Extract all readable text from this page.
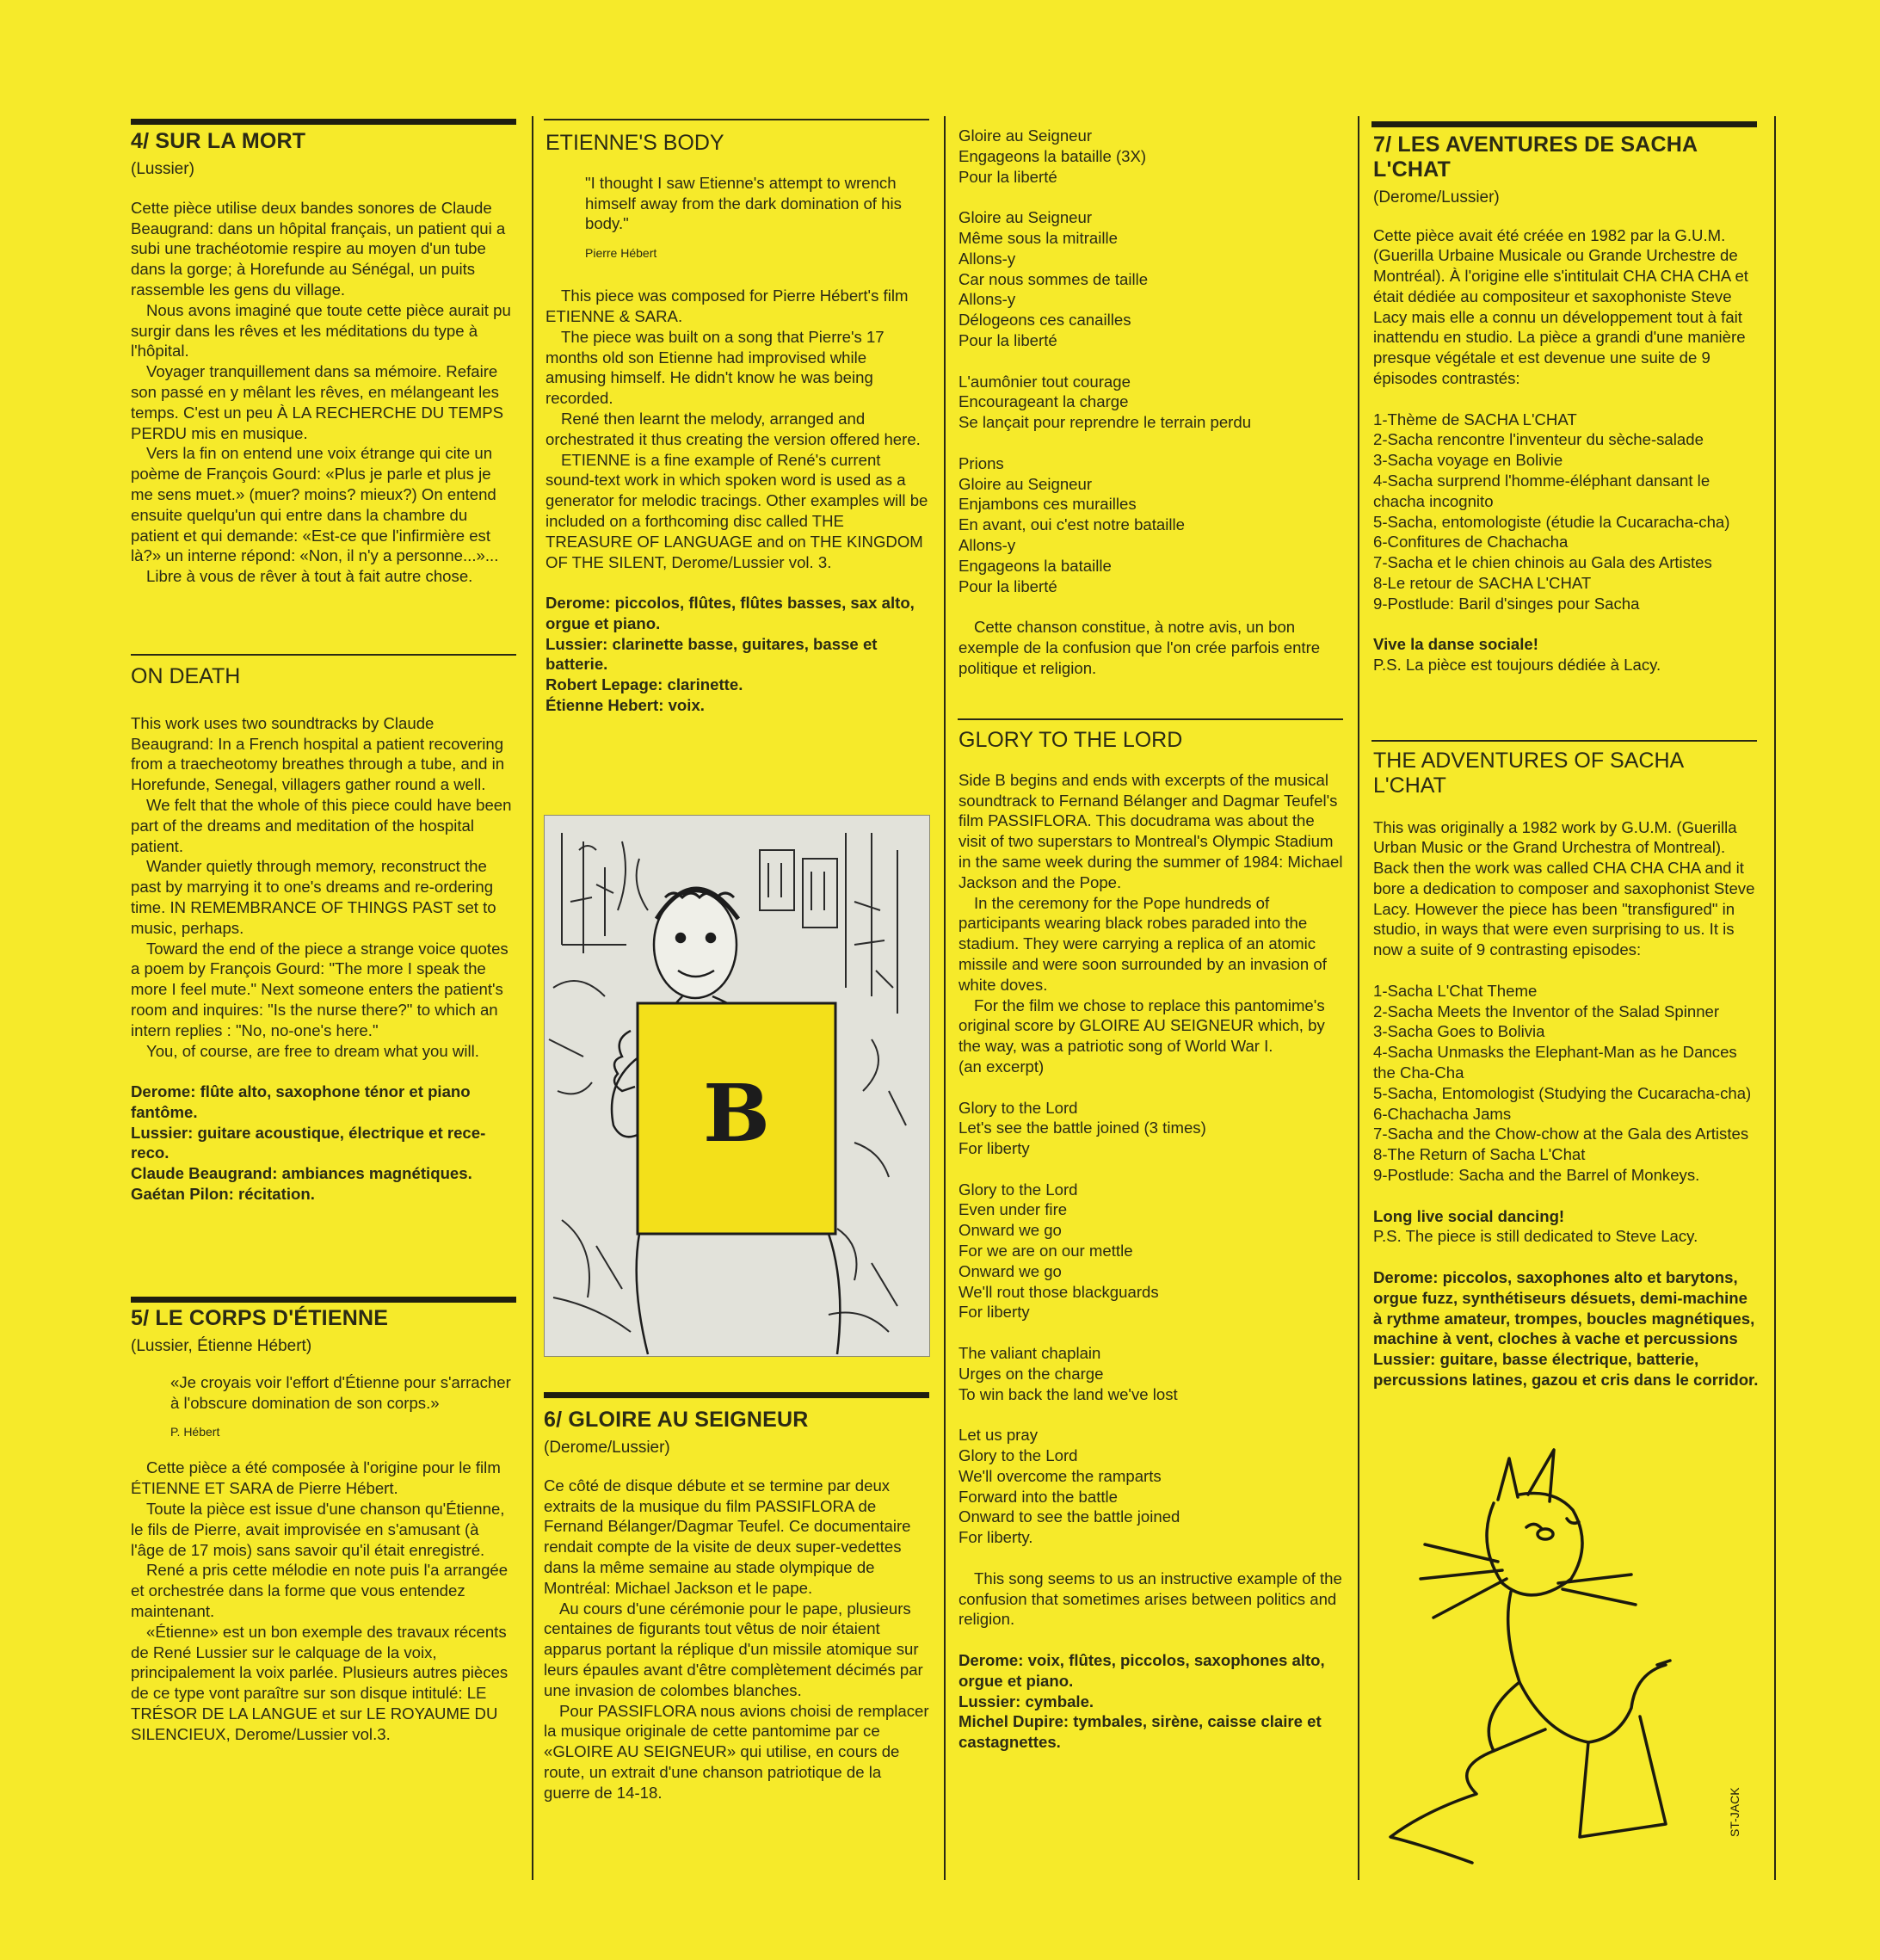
4/ SUR LA MORT

(Lussier)

Cette pièce utilise deux bandes sonores de Claude Beaugrand: dans un hôpital français, un patient qui a subi une trachéotomie respire au moyen d'un tube dans la gorge; à Horefunde au Sénégal, un puits rassemble les gens du village.

Nous avons imaginé que toute cette pièce aurait pu surgir dans les rêves et les méditations du type à l'hôpital.

Voyager tranquillement dans sa mémoire. Refaire son passé en y mêlant les rêves, en mélangeant les temps. C'est un peu À LA RECHERCHE DU TEMPS PERDU mis en musique.

Vers la fin on entend une voix étrange qui cite un poème de François Gourd: «Plus je parle et plus je me sens muet.» (muer? moins? mieux?) On entend ensuite quelqu'un qui entre dans la chambre du patient et qui demande: «Est-ce que l'infirmière est là?» un interne répond: «Non, il n'y a personne...»...

Libre à vous de rêver à tout à fait autre chose.

ON DEATH

This work uses two soundtracks by Claude Beaugrand: In a French hospital a patient recovering from a traecheotomy breathes through a tube, and in Horefunde, Senegal, villagers gather round a well.

We felt that the whole of this piece could have been part of the dreams and meditation of the hospital patient.

Wander quietly through memory, reconstruct the past by marrying it to one's dreams and re-ordering time. IN REMEMBRANCE OF THINGS PAST set to music, perhaps.

Toward the end of the piece a strange voice quotes a poem by François Gourd: "The more I speak the more I feel mute." Next someone enters the patient's room and inquires: "Is the nurse there?" to which an intern replies : "No, no-one's here."

You, of course, are free to dream what you will.

Derome: flûte alto, saxophone ténor et piano fantôme.

Lussier: guitare acoustique, électrique et rece-reco.

Claude Beaugrand: ambiances magnétiques.

Gaétan Pilon: récitation.

5/ LE CORPS D'ÉTIENNE

(Lussier, Étienne Hébert)

«Je croyais voir l'effort d'Étienne pour s'arracher à l'obscure domination de son corps.»

P. Hébert

Cette pièce a été composée à l'origine pour le film ÉTIENNE ET SARA de Pierre Hébert.

Toute la pièce est issue d'une chanson qu'Étienne, le fils de Pierre, avait improvisée en s'amusant (à l'âge de 17 mois) sans savoir qu'il était enregistré.

René a pris cette mélodie en note puis l'a arrangée et orchestrée dans la forme que vous entendez maintenant.

«Étienne» est un bon exemple des travaux récents de René Lussier sur le calquage de la voix, principalement la voix parlée. Plusieurs autres pièces de ce type vont paraître sur son disque intitulé: LE TRÉSOR DE LA LANGUE et sur LE ROYAUME DU SILENCIEUX, Derome/Lussier vol.3.

ETIENNE'S BODY

"I thought I saw Etienne's attempt to wrench himself away from the dark domination of his body."

Pierre Hébert

This piece was composed for Pierre Hébert's film ETIENNE & SARA.

The piece was built on a song that Pierre's 17 months old son Etienne had improvised while amusing himself. He didn't know he was being recorded.

René then learnt the melody, arranged and orchestrated it thus creating the version offered here.

ETIENNE is a fine example of René's current sound-text work in which spoken word is used as a generator for melodic tracings. Other examples will be included on a forthcoming disc called THE TREASURE OF LANGUAGE and on THE KINGDOM OF THE SILENT, Derome/Lussier vol. 3.

Derome: piccolos, flûtes, flûtes basses, sax alto, orgue et piano.

Lussier: clarinette basse, guitares, basse et batterie.

Robert Lepage: clarinette.

Étienne Hebert: voix.

B
6/ GLOIRE AU SEIGNEUR

(Derome/Lussier)

Ce côté de disque débute et se termine par deux extraits de la musique du film PASSIFLORA de Fernand Bélanger/Dagmar Teufel. Ce documentaire rendait compte de la visite de deux super-vedettes dans la même semaine au stade olympique de Montréal: Michael Jackson et le pape.

Au cours d'une cérémonie pour le pape, plusieurs centaines de figurants tout vêtus de noir étaient apparus portant la réplique d'un missile atomique sur leurs épaules avant d'être complètement décimés par une invasion de colombes blanches.

Pour PASSIFLORA nous avions choisi de remplacer la musique originale de cette pantomime par ce «GLOIRE AU SEIGNEUR» qui utilise, en cours de route, un extrait d'une chanson patriotique de la guerre de 14-18.

Gloire au Seigneur

Engageons la bataille (3X)

Pour la liberté

Gloire au Seigneur

Même sous la mitraille

Allons-y

Car nous sommes de taille

Allons-y

Délogeons ces canailles

Pour la liberté

L'aumônier tout courage

Encourageant la charge

Se lançait pour reprendre le terrain perdu

Prions

Gloire au Seigneur

Enjambons ces murailles

En avant, oui c'est notre bataille

Allons-y

Engageons la bataille

Pour la liberté

Cette chanson constitue, à notre avis, un bon exemple de la confusion que l'on crée parfois entre politique et religion.

GLORY TO THE LORD

Side B begins and ends with excerpts of the musical soundtrack to Fernand Bélanger and Dagmar Teufel's film PASSIFLORA. This docudrama was about the visit of two superstars to Montreal's Olympic Stadium in the same week during the summer of 1984: Michael Jackson and the Pope.

In the ceremony for the Pope hundreds of participants wearing black robes paraded into the stadium. They were carrying a replica of an atomic missile and were soon surrounded by an invasion of white doves.

For the film we chose to replace this pantomime's original score by GLOIRE AU SEIGNEUR which, by the way, was a patriotic song of World War I.

(an excerpt)

Glory to the Lord

Let's see the battle joined (3 times)

For liberty

Glory to the Lord

Even under fire

Onward we go

For we are on our mettle

Onward we go

We'll rout those blackguards

For liberty

The valiant chaplain

Urges on the charge

To win back the land we've lost

Let us pray

Glory to the Lord

We'll overcome the ramparts

Forward into the battle

Onward to see the battle joined

For liberty.

This song seems to us an instructive example of the confusion that sometimes arises between politics and religion.

Derome: voix, flûtes, piccolos, saxophones alto, orgue et piano.

Lussier: cymbale.

Michel Dupire: tymbales, sirène, caisse claire et castagnettes.

7/ LES AVENTURES DE SACHA L'CHAT

(Derome/Lussier)

Cette pièce avait été créée en 1982 par la G.U.M. (Guerilla Urbaine Musicale ou Grande Urchestre de Montréal). À l'origine elle s'intitulait CHA CHA CHA et était dédiée au compositeur et saxophoniste Steve Lacy mais elle a connu un développement tout à fait inattendu en studio. La pièce a grandi d'une manière presque végétale et est devenue une suite de 9 épisodes contrastés:

1-Thème de SACHA L'CHAT

2-Sacha rencontre l'inventeur du sèche-salade

3-Sacha voyage en Bolivie

4-Sacha surprend l'homme-éléphant dansant le chacha incognito

5-Sacha, entomologiste (étudie la Cucaracha-cha)

6-Confitures de Chachacha

7-Sacha et le chien chinois au Gala des Artistes

8-Le retour de SACHA L'CHAT

9-Postlude: Baril d'singes pour Sacha

Vive la danse sociale!

P.S. La pièce est toujours dédiée à Lacy.

THE ADVENTURES OF SACHA L'CHAT

This was originally a 1982 work by G.U.M. (Guerilla Urban Music or the Grand Urchestra of Montreal). Back then the work was called CHA CHA CHA and it bore a dedication to composer and saxophonist Steve Lacy. However the piece has been "transfigured" in studio, in ways that were even surprising to us. It is now a suite of 9 contrasting episodes:

1-Sacha L'Chat Theme

2-Sacha Meets the Inventor of the Salad Spinner

3-Sacha Goes to Bolivia

4-Sacha Unmasks the Elephant-Man as he Dances the Cha-Cha

5-Sacha, Entomologist (Studying the Cucaracha-cha)

6-Chachacha Jams

7-Sacha and the Chow-chow at the Gala des Artistes

8-The Return of Sacha L'Chat

9-Postlude: Sacha and the Barrel of Monkeys.

Long live social dancing!

P.S. The piece is still dedicated to Steve Lacy.

Derome: piccolos, saxophones alto et barytons, orgue fuzz, synthétiseurs désuets, demi-machine à rythme amateur, trompes, boucles magnétiques, machine à vent, cloches à vache et percussions

Lussier: guitare, basse électrique, batterie, percussions latines, gazou et cris dans le corridor.

ST-JACK
